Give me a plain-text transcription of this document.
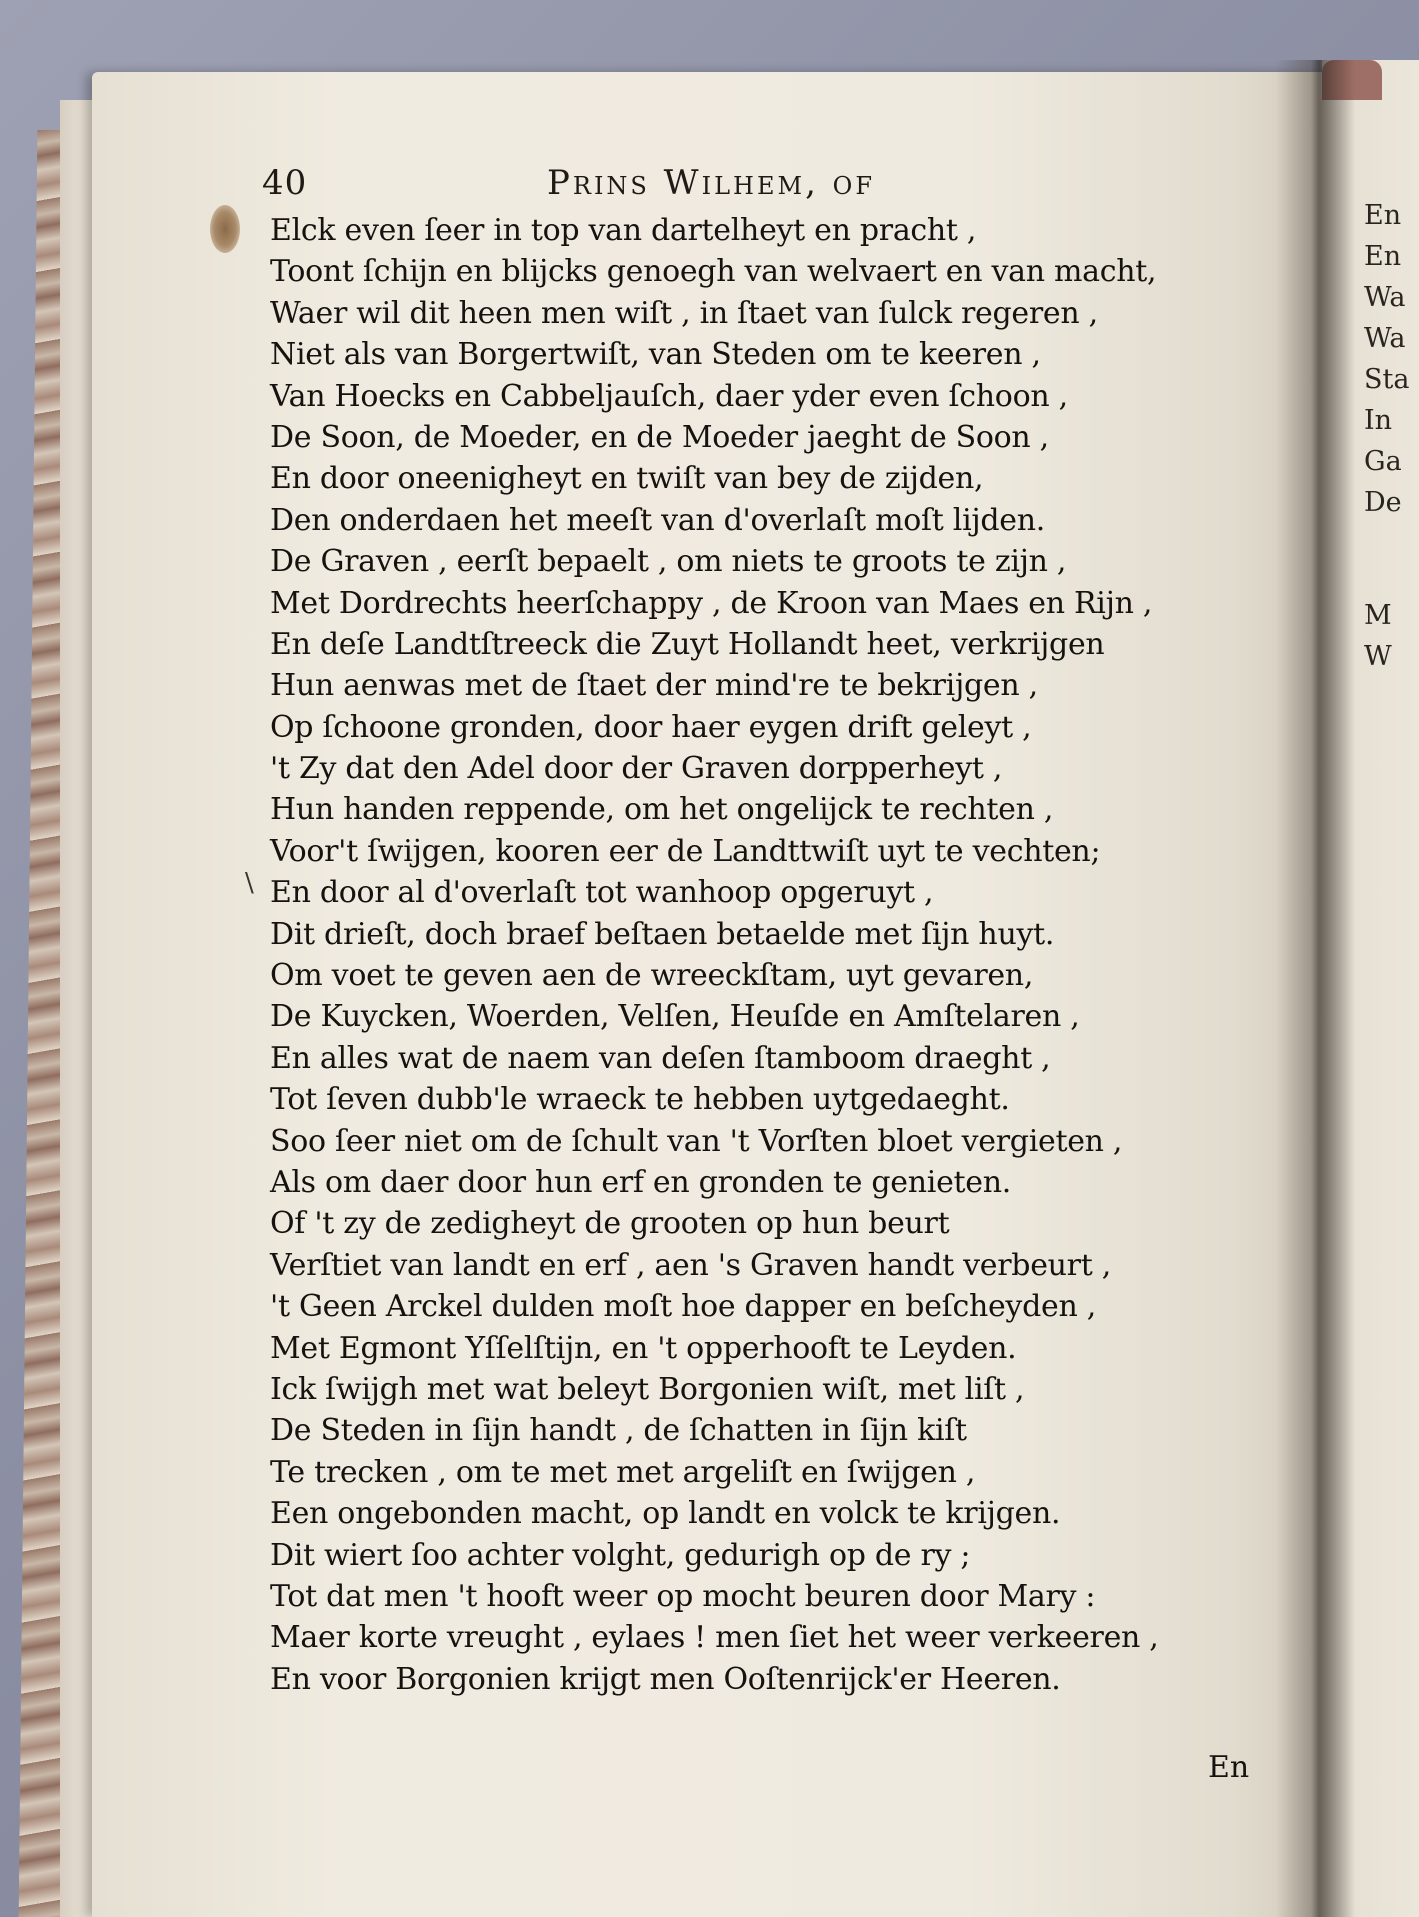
40	Prins Wilhem, of
\
Elck even ſeer in top van dartelheyt en pracht ,
Toont ſchijn en blijcks genoegh van welvaert en van macht,
Waer wil dit heen men wiſt , in ſtaet van ſulck regeren ,
Niet als van Borgertwiſt, van Steden om te keeren ,
Van Hoecks en Cabbeljauſch, daer yder even ſchoon ,
De Soon, de Moeder, en de Moeder jaeght de Soon ,
En door oneenigheyt en twiſt van bey de zijden,
Den onderdaen het meeſt van d'overlaſt moſt lijden.
De Graven , eerſt bepaelt , om niets te groots te zijn ,
Met Dordrechts heerſchappy , de Kroon van Maes en Rijn ,
En deſe Landtſtreeck die Zuyt Hollandt heet, verkrijgen
Hun aenwas met de ſtaet der mind're te bekrijgen ,
Op ſchoone gronden, door haer eygen drift geleyt ,
't Zy dat den Adel door der Graven dorpperheyt ,
Hun handen reppende, om het ongelijck te rechten ,
Voor't ſwijgen, kooren eer de Landttwiſt uyt te vechten;
En door al d'overlaſt tot wanhoop opgeruyt ,
Dit drieſt, doch braef beſtaen betaelde met ſijn huyt.
Om voet te geven aen de wreeckſtam, uyt gevaren,
De Kuycken, Woerden, Velſen, Heuſde en Amſtelaren ,
En alles wat de naem van deſen ſtamboom draeght ,
Tot ſeven dubb'le wraeck te hebben uytgedaeght.
Soo ſeer niet om de ſchult van 't Vorſten bloet vergieten ,
Als om daer door hun erf en gronden te genieten.
Of 't zy de zedigheyt de grooten op hun beurt
Verſtiet van landt en erf , aen 's Graven handt verbeurt ,
't Geen Arckel dulden moſt hoe dapper en beſcheyden ,
Met Egmont Yſſelſtijn, en 't opperhooft te Leyden.
Ick ſwijgh met wat beleyt Borgonien wiſt, met liſt ,
De Steden in ſijn handt , de ſchatten in ſijn kiſt
Te trecken , om te met met argeliſt en ſwijgen ,
Een ongebonden macht, op landt en volck te krijgen.
Dit wiert ſoo achter volght, gedurigh op de ry ;
Tot dat men 't hooft weer op mocht beuren door Mary :
Maer korte vreught , eylaes ! men ſiet het weer verkeeren ,
En voor Borgonien krijgt men Ooſtenrijck'er Heeren.
En
En
En
Wa
Wa
Sta
In
Ga
De
M
W
